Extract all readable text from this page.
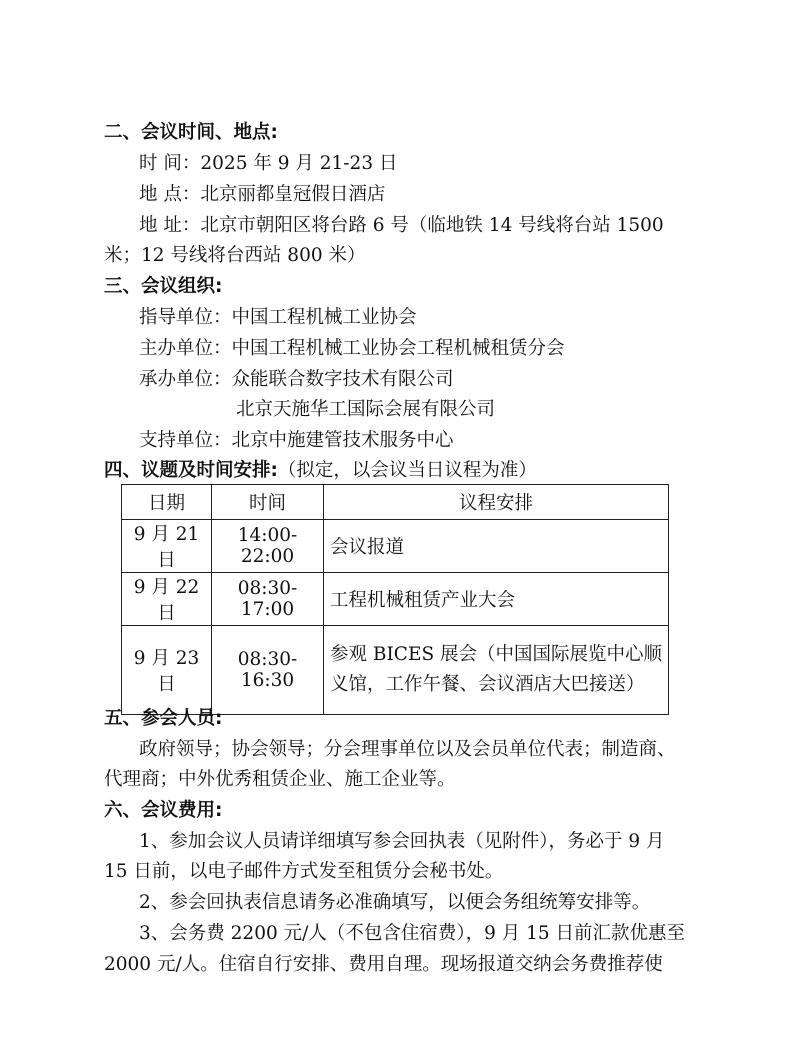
二、会议时间、地点:
时 间：2025 年 9 月 21-23 日
地 点：北京丽都皇冠假日酒店
地 址：北京市朝阳区将台路 6 号（临地铁 14 号线将台站 1500
米；12 号线将台西站 800 米）
三、会议组织:
指导单位：中国工程机械工业协会
主办单位：中国工程机械工业协会工程机械租赁分会
承办单位：众能联合数字技术有限公司
北京天施华工国际会展有限公司
支持单位：北京中施建管技术服务中心
四、议题及时间安排:（拟定，以会议当日议程为准）
日期	时间	议程安排
9 月 21 日	14:00-22:00	会议报道
9 月 22 日	08:30-17:00	工程机械租赁产业大会
9 月 23 日	08:30-16:30	参观 BICES 展会（中国国际展览中心顺义馆，工作午餐、会议酒店大巴接送）
五、参会人员:
政府领导；协会领导；分会理事单位以及会员单位代表；制造商、
代理商；中外优秀租赁企业、施工企业等。
六、会议费用:
1、参加会议人员请详细填写参会回执表（见附件），务必于 9 月
15 日前，以电子邮件方式发至租赁分会秘书处。
2、参会回执表信息请务必准确填写，以便会务组统筹安排等。
3、会务费 2200 元/人（不包含住宿费），9 月 15 日前汇款优惠至
2000 元/人。住宿自行安排、费用自理。现场报道交纳会务费推荐使
